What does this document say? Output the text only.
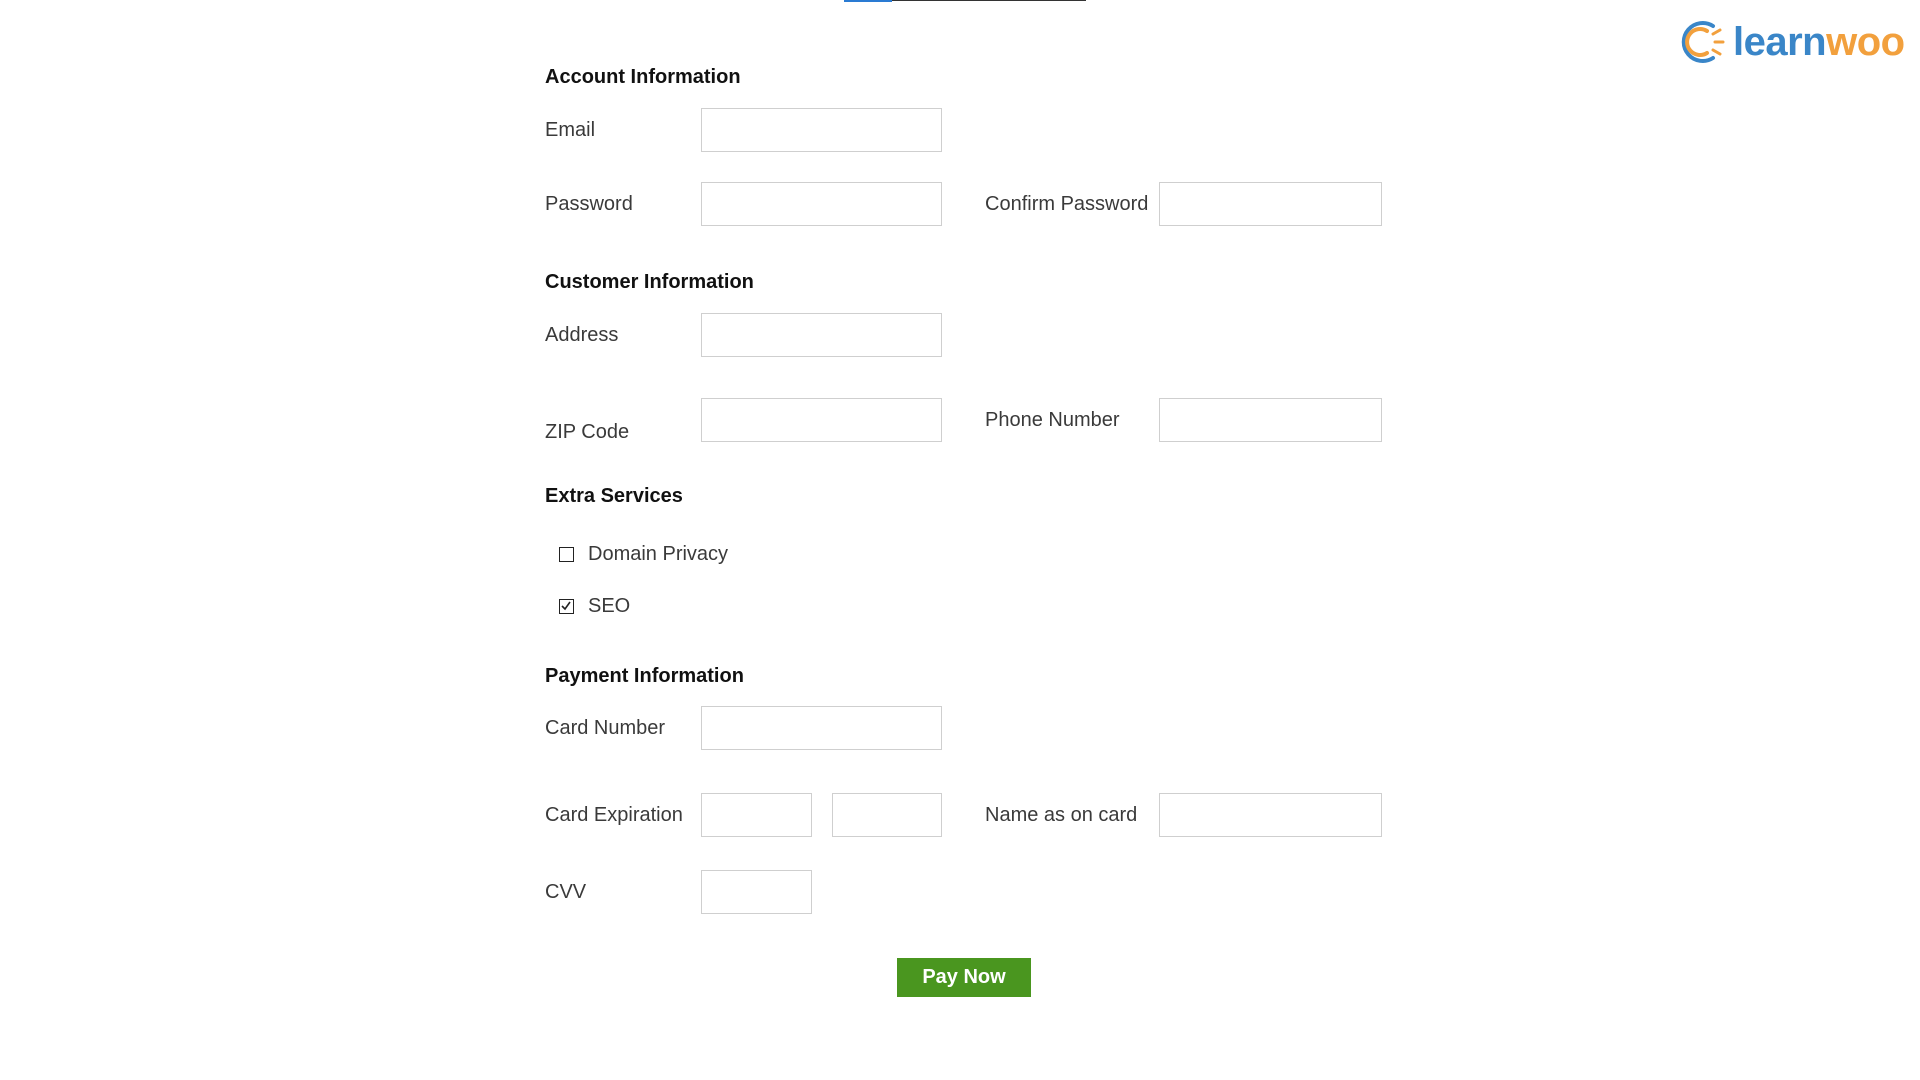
learnwoo
Account Information
Email
Password	Confirm Password
Customer Information
Address
ZIP Code
Phone Number
Extra Services
Domain Privacy
SEO
Payment Information
Card Number
Card Expiration	Name as on card
CVV
Pay Now
